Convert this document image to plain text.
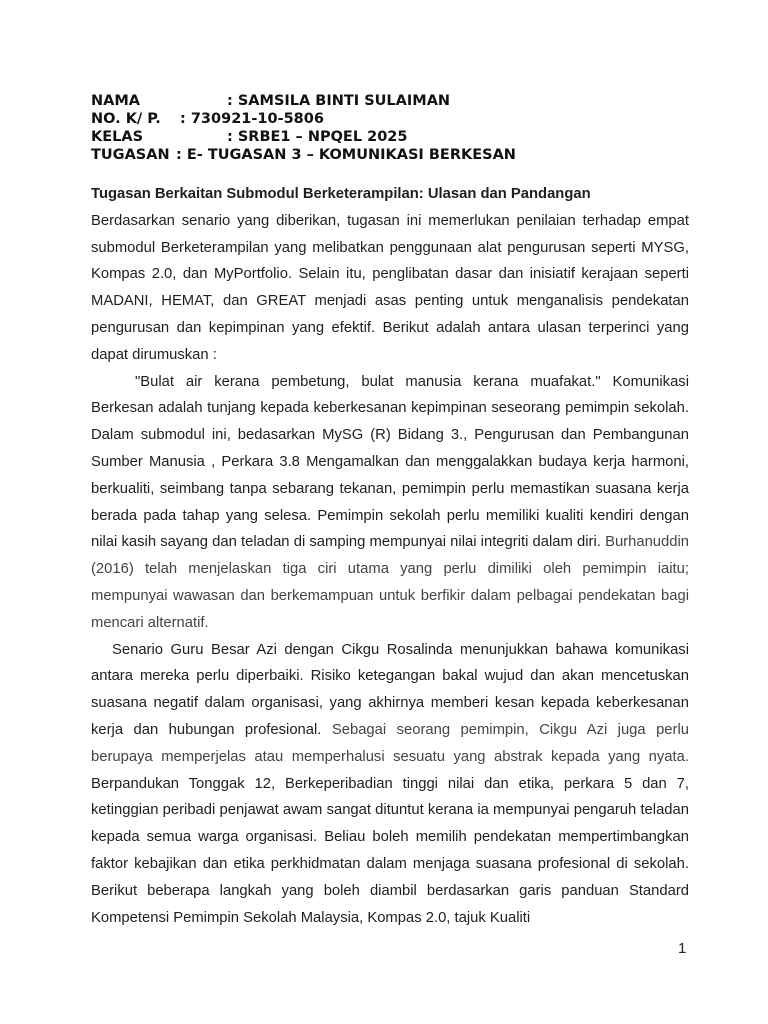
NAMA	: SAMSILA BINTI SULAIMAN
NO. K/ P.	: 730921-10-5806
KELAS	: SRBE1 – NPQEL 2025
TUGASAN : E- TUGASAN 3 – KOMUNIKASI BERKESAN

Tugasan Berkaitan Submodul Berketerampilan: Ulasan dan Pandangan

Berdasarkan senario yang diberikan, tugasan ini memerlukan penilaian terhadap empat submodul Berketerampilan yang melibatkan penggunaan alat pengurusan seperti MYSG, Kompas 2.0, dan MyPortfolio. Selain itu, penglibatan dasar dan inisiatif kerajaan seperti MADANI, HEMAT, dan GREAT menjadi asas penting untuk menganalisis pendekatan pengurusan dan kepimpinan yang efektif. Berikut adalah antara ulasan terperinci yang dapat dirumuskan :

"Bulat air kerana pembetung, bulat manusia kerana muafakat." Komunikasi Berkesan adalah tunjang kepada keberkesanan kepimpinan seseorang pemimpin sekolah. Dalam submodul ini, bedasarkan MySG (R) Bidang 3., Pengurusan dan Pembangunan Sumber Manusia , Perkara 3.8 Mengamalkan dan menggalakkan budaya kerja harmoni, berkualiti, seimbang tanpa sebarang tekanan, pemimpin perlu memastikan suasana kerja berada pada tahap yang selesa. Pemimpin sekolah perlu memiliki kualiti kendiri dengan nilai kasih sayang dan teladan di samping mempunyai nilai integriti dalam diri. Burhanuddin (2016) telah menjelaskan tiga ciri utama yang perlu dimiliki oleh pemimpin iaitu; mempunyai wawasan dan berkemampuan untuk berfikir dalam pelbagai pendekatan bagi mencari alternatif.

Senario Guru Besar Azi dengan Cikgu Rosalinda menunjukkan bahawa komunikasi antara mereka perlu diperbaiki. Risiko ketegangan bakal wujud dan akan mencetuskan suasana negatif dalam organisasi, yang akhirnya memberi kesan kepada keberkesanan kerja dan hubungan profesional. Sebagai seorang pemimpin, Cikgu Azi juga perlu berupaya memperjelas atau memperhalusi sesuatu yang abstrak kepada yang nyata. Berpandukan Tonggak 12, Berkeperibadian tinggi nilai dan etika, perkara 5 dan 7, ketinggian peribadi penjawat awam sangat dituntut kerana ia mempunyai pengaruh teladan kepada semua warga organisasi. Beliau boleh memilih pendekatan mempertimbangkan faktor kebajikan dan etika perkhidmatan dalam menjaga suasana profesional di sekolah. Berikut beberapa langkah yang boleh diambil berdasarkan garis panduan Standard Kompetensi Pemimpin Sekolah Malaysia, Kompas 2.0, tajuk Kualiti

1
